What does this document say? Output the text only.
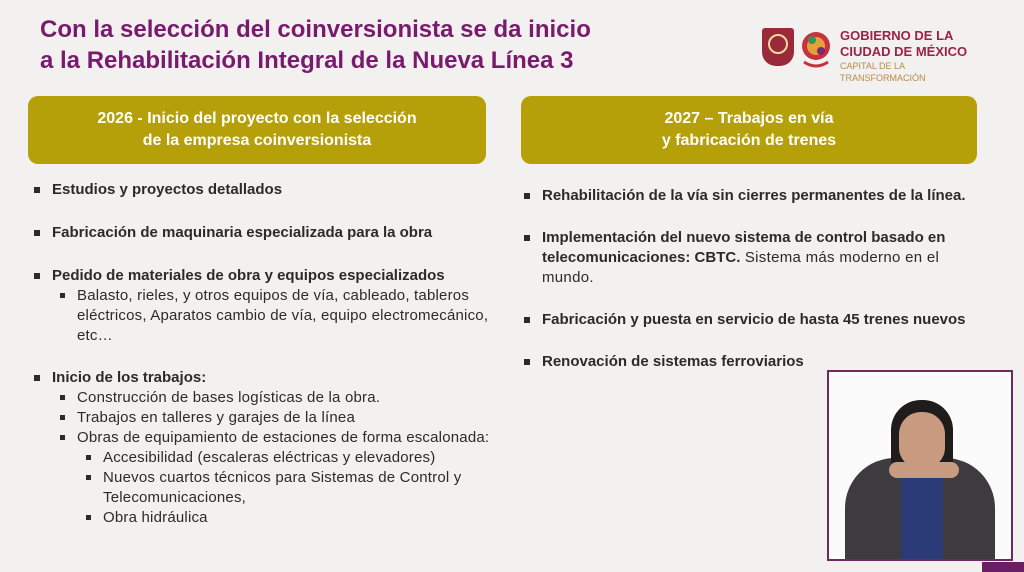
Con la selección del coinversionista se da inicio
a la Rehabilitación Integral de la Nueva Línea 3
GOBIERNO DE LA
CIUDAD DE MÉXICO
CAPITAL DE LA TRANSFORMACIÓN
2026 - Inicio del proyecto con la selección
de la empresa coinversionista
2027 – Trabajos en vía
y fabricación de trenes
Estudios y proyectos detallados
Fabricación de maquinaria especializada para la obra
Pedido de materiales de obra y equipos especializados
Balasto, rieles, y otros equipos de vía, cableado, tableros eléctricos, Aparatos cambio de vía, equipo electromecánico, etc…
Inicio de los trabajos:
Construcción de bases logísticas de la obra.
Trabajos en talleres y garajes de la línea
Obras de equipamiento de estaciones de forma escalonada:
Accesibilidad (escaleras eléctricas y elevadores)
Nuevos cuartos técnicos para Sistemas de Control y Telecomunicaciones,
Obra hidráulica
Rehabilitación de la vía sin cierres permanentes de la línea.
Implementación del nuevo sistema de control basado en telecomunicaciones: CBTC. Sistema más moderno en el mundo.
Fabricación y puesta en servicio de hasta 45 trenes nuevos
Renovación de sistemas ferroviarios
